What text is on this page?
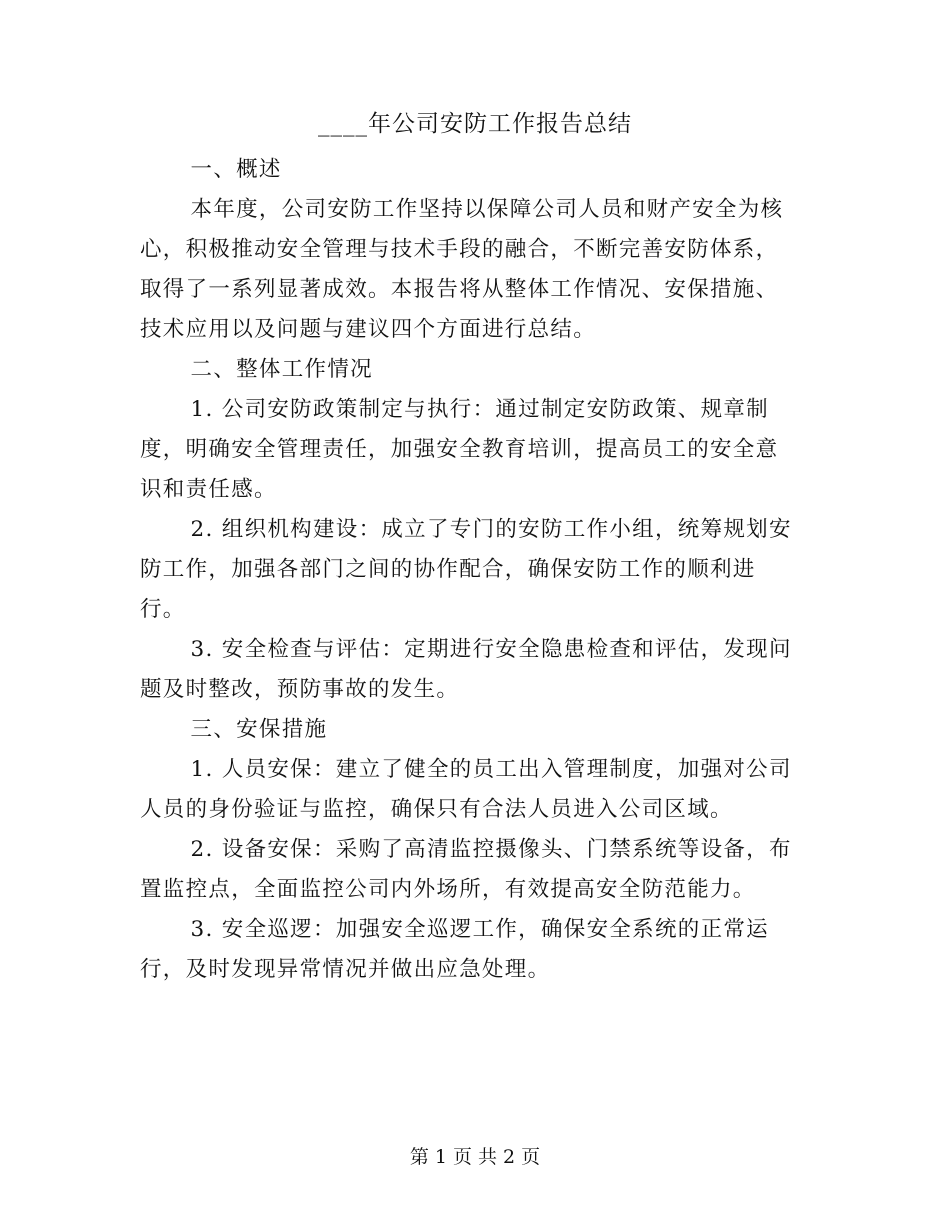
____年公司安防工作报告总结

一、概述

本年度，公司安防工作坚持以保障公司人员和财产安全为核
心，积极推动安全管理与技术手段的融合，不断完善安防体系，
取得了一系列显著成效。本报告将从整体工作情况、安保措施、
技术应用以及问题与建议四个方面进行总结。

二、整体工作情况

1. 公司安防政策制定与执行：通过制定安防政策、规章制
度，明确安全管理责任，加强安全教育培训，提高员工的安全意
识和责任感。
2. 组织机构建设：成立了专门的安防工作小组，统筹规划安
防工作，加强各部门之间的协作配合，确保安防工作的顺利进
行。
3. 安全检查与评估：定期进行安全隐患检查和评估，发现问
题及时整改，预防事故的发生。

三、安保措施

1. 人员安保：建立了健全的员工出入管理制度，加强对公司
人员的身份验证与监控，确保只有合法人员进入公司区域。
2. 设备安保：采购了高清监控摄像头、门禁系统等设备，布
置监控点，全面监控公司内外场所，有效提高安全防范能力。
3. 安全巡逻：加强安全巡逻工作，确保安全系统的正常运
行，及时发现异常情况并做出应急处理。
第 1 页 共 2 页
